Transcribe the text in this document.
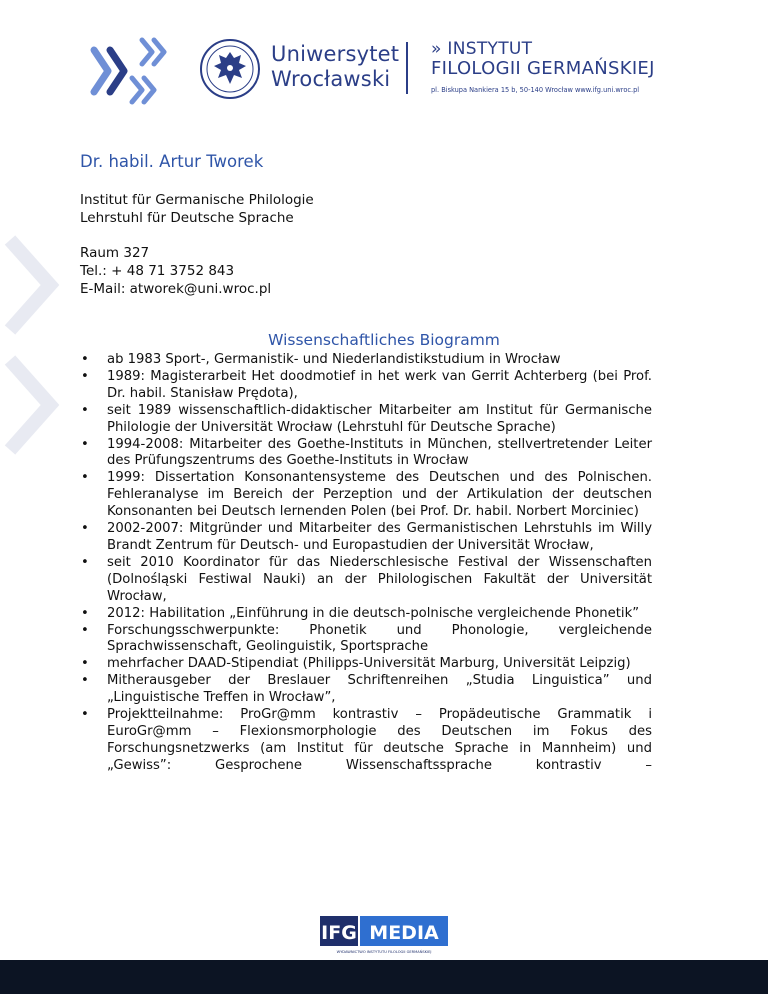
Uniwersytet
Wrocławski
» INSTYTUT
FILOLOGII GERMAŃSKIEJ
pl. Biskupa Nankiera 15 b, 50-140 Wrocław www.ifg.uni.wroc.pl
Dr. habil. Artur Tworek
Institut für Germanische Philologie
Lehrstuhl für Deutsche Sprache
Raum 327
Tel.: + 48 71 3752 843
E-Mail: atworek@uni.wroc.pl
Wissenschaftliches Biogramm
• ab 1983 Sport-, Germanistik- und Niederlandistikstudium in Wrocław
• 1989: Magisterarbeit Het doodmotief in het werk van Gerrit Achterberg (bei Prof. Dr. habil. Stanisław Prędota),
• seit 1989 wissenschaftlich-didaktischer Mitarbeiter am Institut für Germanische Philologie der Universität Wrocław (Lehrstuhl für Deutsche Sprache)
• 1994-2008: Mitarbeiter des Goethe-Instituts in München, stellvertretender Leiter des Prüfungszentrums des Goethe-Instituts in Wrocław
• 1999: Dissertation Konsonantensysteme des Deutschen und des Polnischen. Fehleranalyse im Bereich der Perzeption und der Artikulation der deutschen Konsonanten bei Deutsch lernenden Polen (bei Prof. Dr. habil. Norbert Morciniec)
• 2002-2007: Mitgründer und Mitarbeiter des Germanistischen Lehrstuhls im Willy Brandt Zentrum für Deutsch- und Europastudien der Universität Wrocław,
• seit 2010 Koordinator für das Niederschlesische Festival der Wissenschaften (Dolnośląski Festiwal Nauki) an der Philologischen Fakultät der Universität Wrocław,
• 2012: Habilitation „Einführung in die deutsch-polnische vergleichende Phonetik”
• Forschungsschwerpunkte: Phonetik und Phonologie, vergleichende Sprachwissenschaft, Geolinguistik, Sportsprache
• mehrfacher DAAD-Stipendiat (Philipps-Universität Marburg, Universität Leipzig)
• Mitherausgeber der Breslauer Schriftenreihen „Studia Linguistica” und „Linguistische Treffen in Wrocław”,
• Projektteilnahme: ProGr@mm kontrastiv – Propädeutische Grammatik i EuroGr@mm – Flexionsmorphologie des Deutschen im Fokus des Forschungsnetzwerks (am Institut für deutsche Sprache in Mannheim) und „Gewiss”: Gesprochene Wissenschaftssprache kontrastiv –
IFG MEDIA
WYDAWNICTWO INSTYTUTU FILOLOGII GERMAŃSKIEJ
